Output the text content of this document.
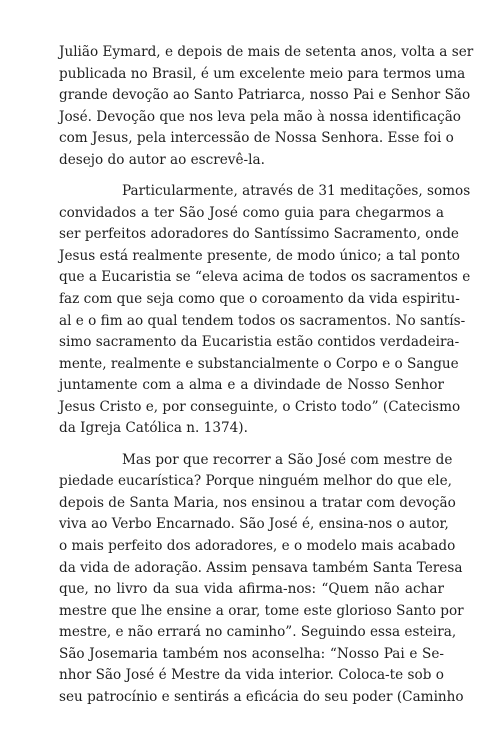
Julião Eymard, e depois de mais de setenta anos, volta a ser
publicada no Brasil, é um excelente meio para termos uma
grande devoção ao Santo Patriarca, nosso Pai e Senhor São
José. Devoção que nos leva pela mão à nossa identificação
com Jesus, pela intercessão de Nossa Senhora. Esse foi o
desejo do autor ao escrevê-la.
Particularmente, através de 31 meditações, somos
convidados a ter São José como guia para chegarmos a
ser perfeitos adoradores do Santíssimo Sacramento, onde
Jesus está realmente presente, de modo único; a tal ponto
que a Eucaristia se “eleva acima de todos os sacramentos e
faz com que seja como que o coroamento da vida espiritu-
al e o fim ao qual tendem todos os sacramentos. No santís-
simo sacramento da Eucaristia estão contidos verdadeira-
mente, realmente e substancialmente o Corpo e o Sangue
juntamente com a alma e a divindade de Nosso Senhor
Jesus Cristo e, por conseguinte, o Cristo todo” (Catecismo
da Igreja Católica n. 1374).
Mas por que recorrer a São José com mestre de
piedade eucarística? Porque ninguém melhor do que ele,
depois de Santa Maria, nos ensinou a tratar com devoção
viva ao Verbo Encarnado. São José é, ensina-nos o autor,
o mais perfeito dos adoradores, e o modelo mais acabado
da vida de adoração. Assim pensava também Santa Teresa
que, no livro da sua vida afirma-nos: “Quem não achar
mestre que lhe ensine a orar, tome este glorioso Santo por
mestre, e não errará no caminho”. Seguindo essa esteira,
São Josemaria também nos aconselha: “Nosso Pai e Se-
nhor São José é Mestre da vida interior. Coloca-te sob o
seu patrocínio e sentirás a eficácia do seu poder (Caminho
